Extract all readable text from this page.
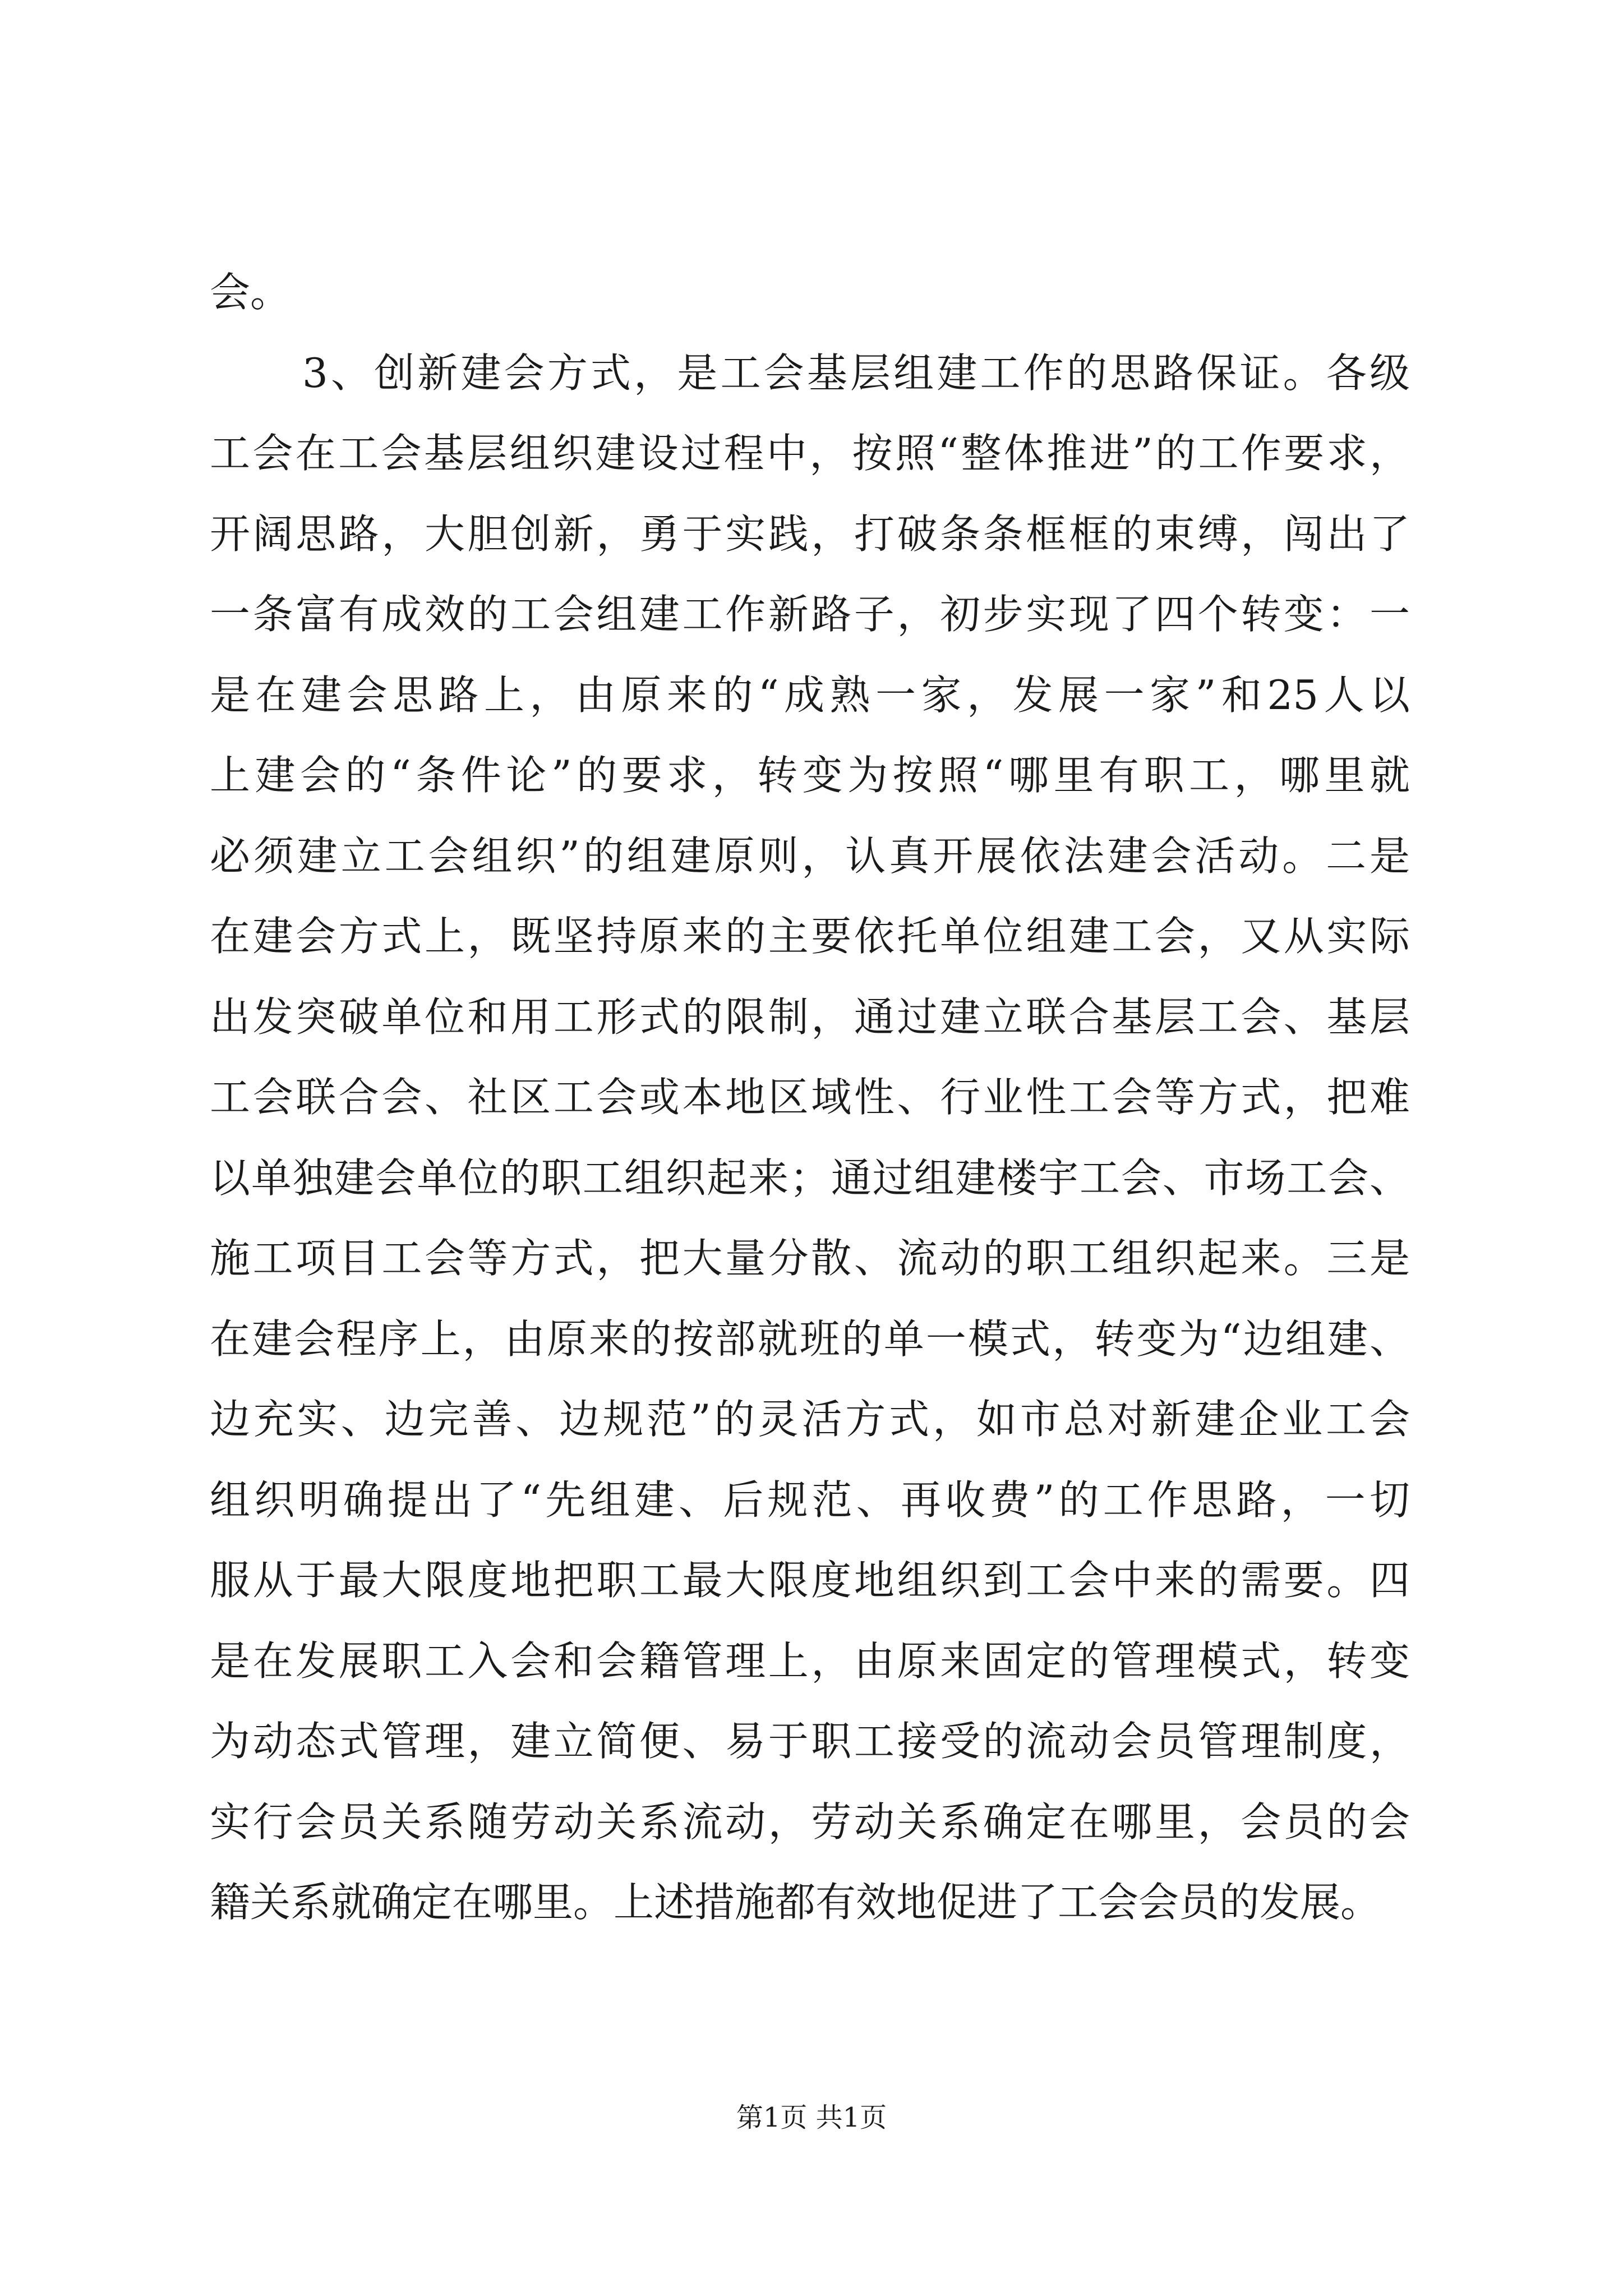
会。
3、创新建会方式，是工会基层组建工作的思路保证。各级
工会在工会基层组织建设过程中，按照“整体推进”的工作要求，
开阔思路，大胆创新，勇于实践，打破条条框框的束缚，闯出了
一条富有成效的工会组建工作新路子，初步实现了四个转变：一
是在建会思路上，由原来的“成熟一家，发展一家”和25人以
上建会的“条件论”的要求，转变为按照“哪里有职工，哪里就
必须建立工会组织”的组建原则，认真开展依法建会活动。二是
在建会方式上，既坚持原来的主要依托单位组建工会，又从实际
出发突破单位和用工形式的限制，通过建立联合基层工会、基层
工会联合会、社区工会或本地区域性、行业性工会等方式，把难
以单独建会单位的职工组织起来；通过组建楼宇工会、市场工会、
施工项目工会等方式，把大量分散、流动的职工组织起来。三是
在建会程序上，由原来的按部就班的单一模式，转变为“边组建、
边充实、边完善、边规范”的灵活方式，如市总对新建企业工会
组织明确提出了“先组建、后规范、再收费”的工作思路，一切
服从于最大限度地把职工最大限度地组织到工会中来的需要。四
是在发展职工入会和会籍管理上，由原来固定的管理模式，转变
为动态式管理，建立简便、易于职工接受的流动会员管理制度，
实行会员关系随劳动关系流动，劳动关系确定在哪里，会员的会
籍关系就确定在哪里。上述措施都有效地促进了工会会员的发展。
第1页 共1页
